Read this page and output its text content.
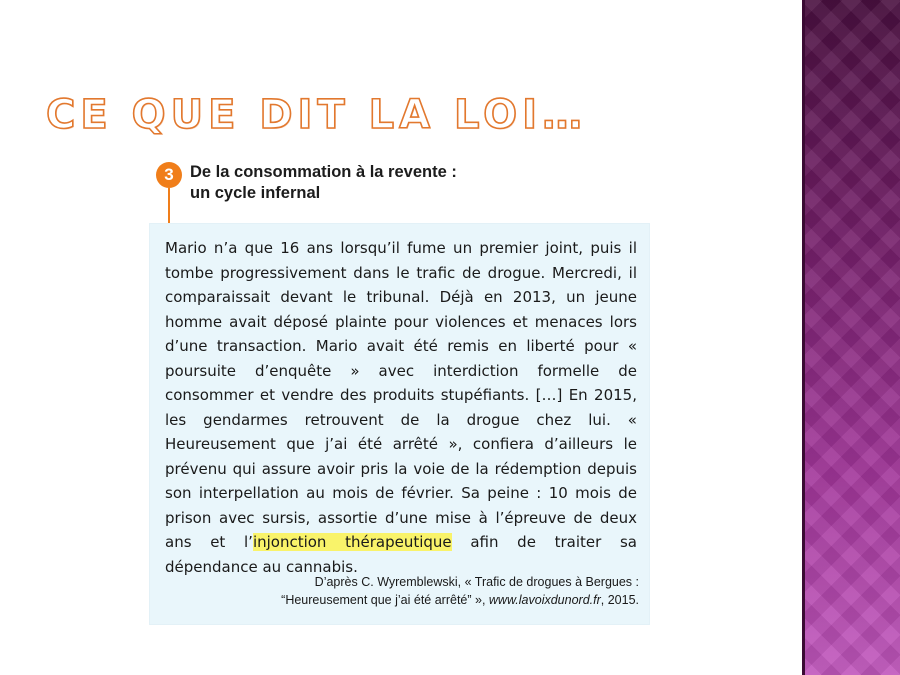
CE QUE DIT LA LOI…
3 De la consommation à la revente :
un cycle infernal

Mario n’a que 16 ans lorsqu’il fume un premier joint, puis il tombe progressivement dans le trafic de drogue. Mercredi, il comparaissait devant le tribunal. Déjà en 2013, un jeune homme avait déposé plainte pour violences et menaces lors d’une transaction. Mario avait été remis en liberté pour « poursuite d’enquête » avec interdiction formelle de consommer et vendre des produits stupéfiants. […] En 2015, les gendarmes retrouvent de la drogue chez lui. « Heureusement que j’ai été arrêté », confiera d’ailleurs le prévenu qui assure avoir pris la voie de la rédemption depuis son interpellation au mois de février. Sa peine : 10 mois de prison avec sursis, assortie d’une mise à l’épreuve de deux ans et l’injonction thérapeutique afin de traiter sa dépendance au cannabis.

D’après C. Wyremblewski, « Trafic de drogues à Bergues :
“Heureusement que j’ai été arrêté” », www.lavoixdunord.fr, 2015.
